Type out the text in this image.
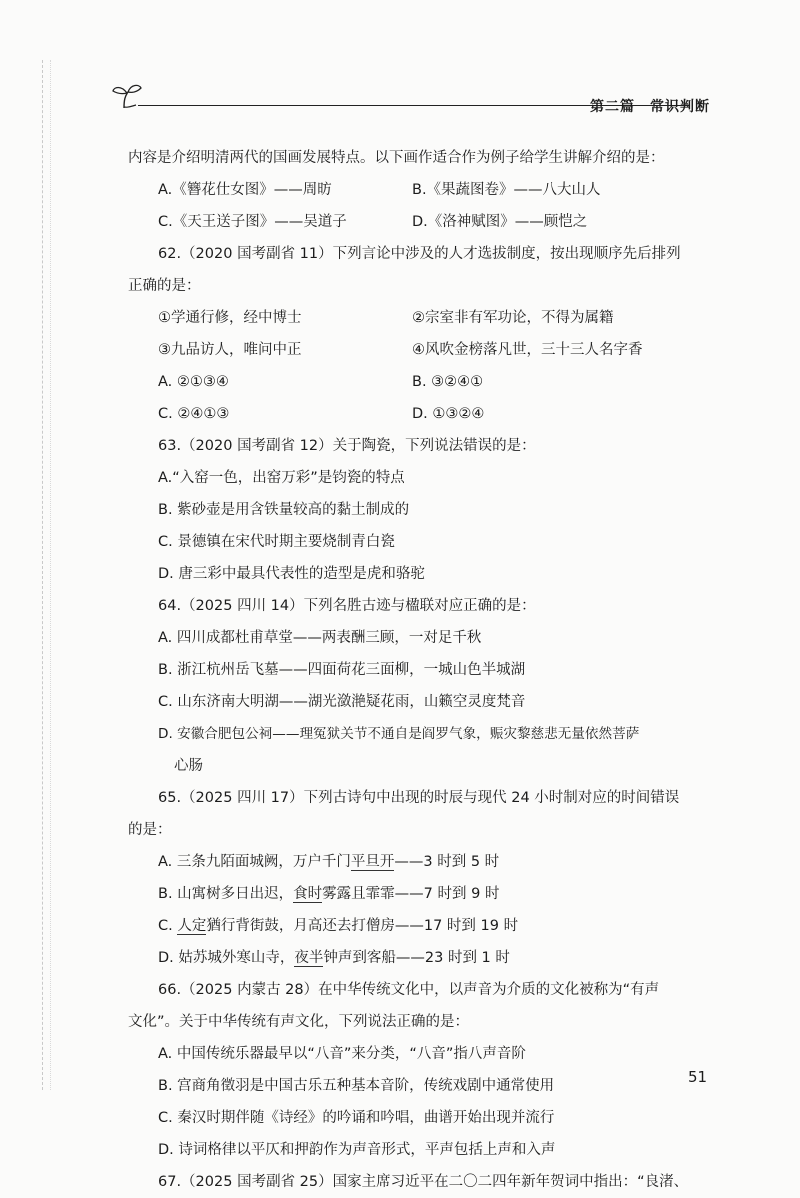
第二篇　常识判断
内容是介绍明清两代的国画发展特点。以下画作适合作为例子给学生讲解介绍的是：
A.《簪花仕女图》——周昉	B.《果蔬图卷》——八大山人
C.《天王送子图》——吴道子	D.《洛神赋图》——顾恺之
62.（2020 国考副省 11）下列言论中涉及的人才选拔制度，按出现顺序先后排列
正确的是：
①学通行修，经中博士	②宗室非有军功论，不得为属籍
③九品访人，唯问中正	④风吹金榜落凡世，三十三人名字香
A. ②①③④	B. ③②④①
C. ②④①③	D. ①③②④
63.（2020 国考副省 12）关于陶瓷，下列说法错误的是：
A.“入窑一色，出窑万彩”是钧瓷的特点
B. 紫砂壶是用含铁量较高的黏土制成的
C. 景德镇在宋代时期主要烧制青白瓷
D. 唐三彩中最具代表性的造型是虎和骆驼
64.（2025 四川 14）下列名胜古迹与楹联对应正确的是：
A. 四川成都杜甫草堂——两表酬三顾，一对足千秋
B. 浙江杭州岳飞墓——四面荷花三面柳，一城山色半城湖
C. 山东济南大明湖——湖光潋滟疑花雨，山籁空灵度梵音
D. 安徽合肥包公祠——理冤狱关节不通自是阎罗气象，赈灾黎慈悲无量依然菩萨
心肠
65.（2025 四川 17）下列古诗句中出现的时辰与现代 24 小时制对应的时间错误
的是：
A. 三条九陌面城阙，万户千门平旦开——3 时到 5 时
B. 山寓树多日出迟，食时雾露且霏霏——7 时到 9 时
C. 人定猶行背街鼓，月高还去打僧房——17 时到 19 时
D. 姑苏城外寒山寺，夜半钟声到客船——23 时到 1 时
66.（2025 内蒙古 28）在中华传统文化中，以声音为介质的文化被称为“有声
文化”。关于中华传统有声文化，下列说法正确的是：
A. 中国传统乐器最早以“八音”来分类，“八音”指八声音阶
B. 宫商角徵羽是中国古乐五种基本音阶，传统戏剧中通常使用
C. 秦汉时期伴随《诗经》的吟诵和吟唱，曲谱开始出现并流行
D. 诗词格律以平仄和押韵作为声音形式，平声包括上声和入声
67.（2025 国考副省 25）国家主席习近平在二〇二四年新年贺词中指出：“良渚、
51
